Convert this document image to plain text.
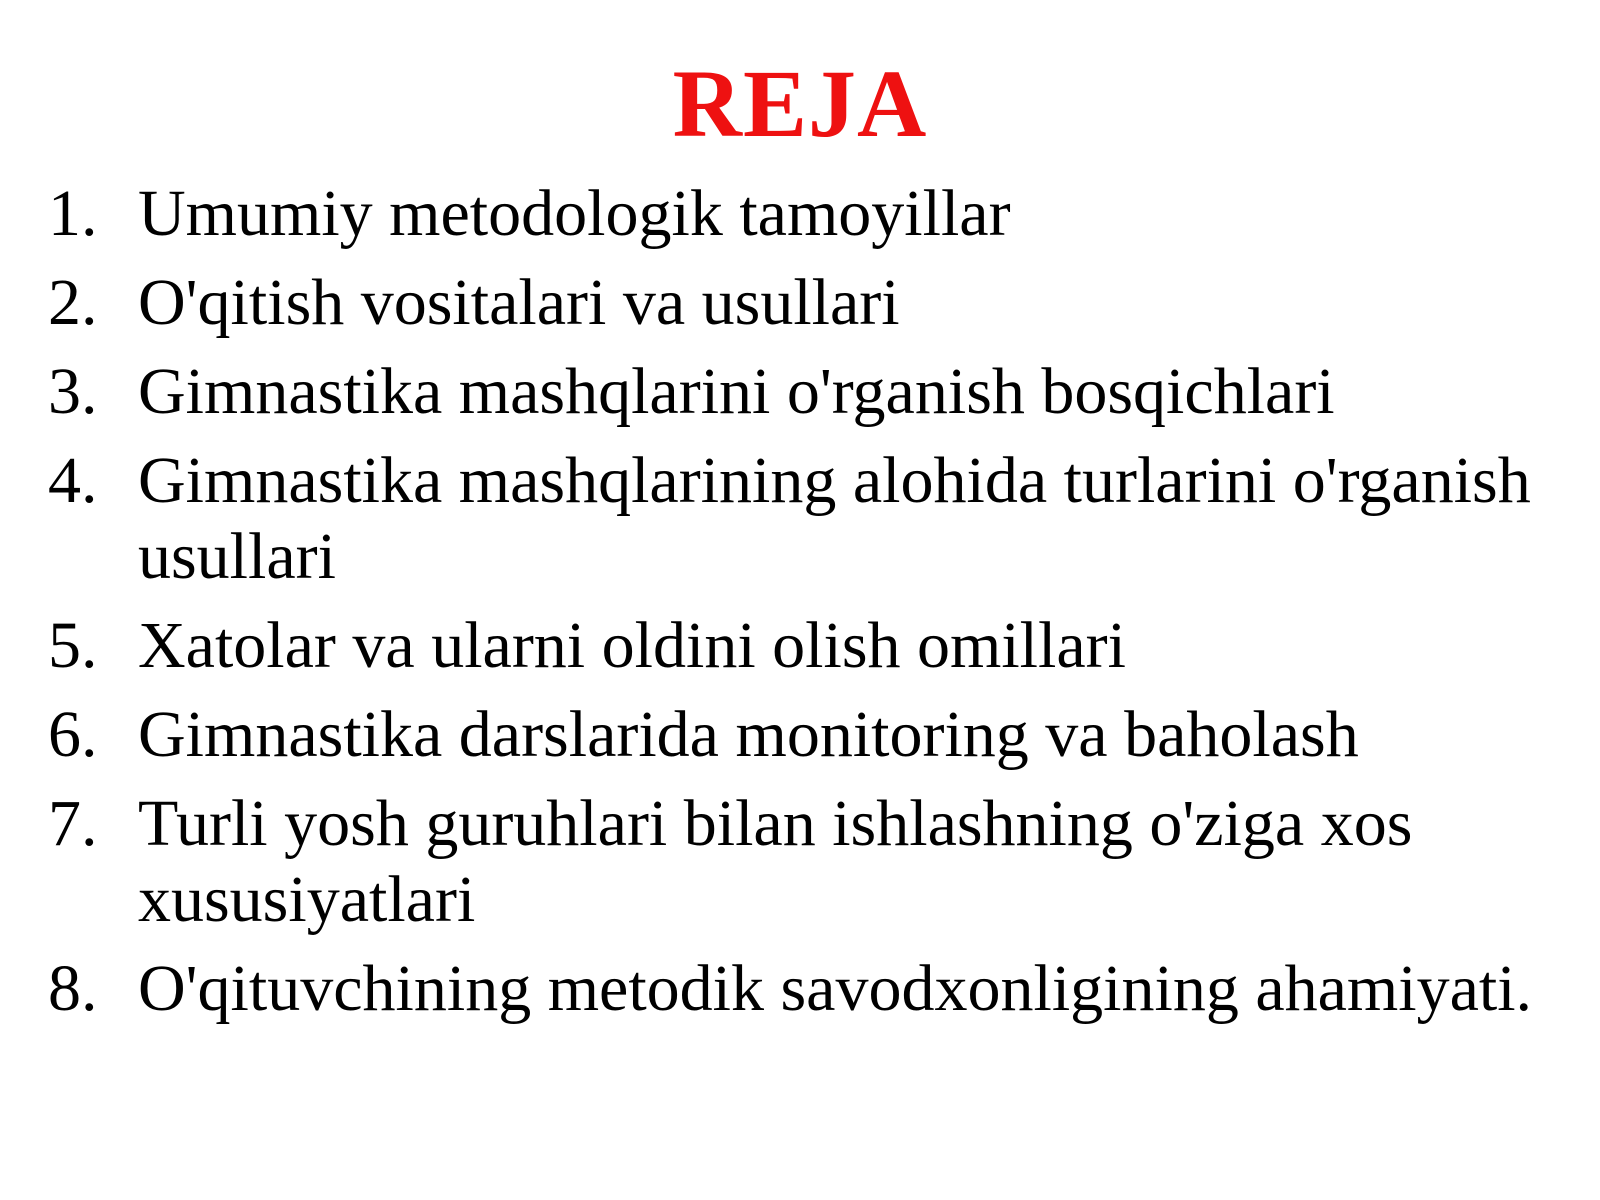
REJA
1. Umumiy metodologik tamoyillar
2. O'qitish vositalari va usullari
3. Gimnastika mashqlarini o'rganish bosqichlari
4. Gimnastika mashqlarining alohida turlarini o'rganish usullari
5. Xatolar va ularni oldini olish omillari
6. Gimnastika darslarida monitoring va baholash
7. Turli yosh guruhlari bilan ishlashning o'ziga xos xususiyatlari
8. O'qituvchining metodik savodxonligining ahamiyati.
